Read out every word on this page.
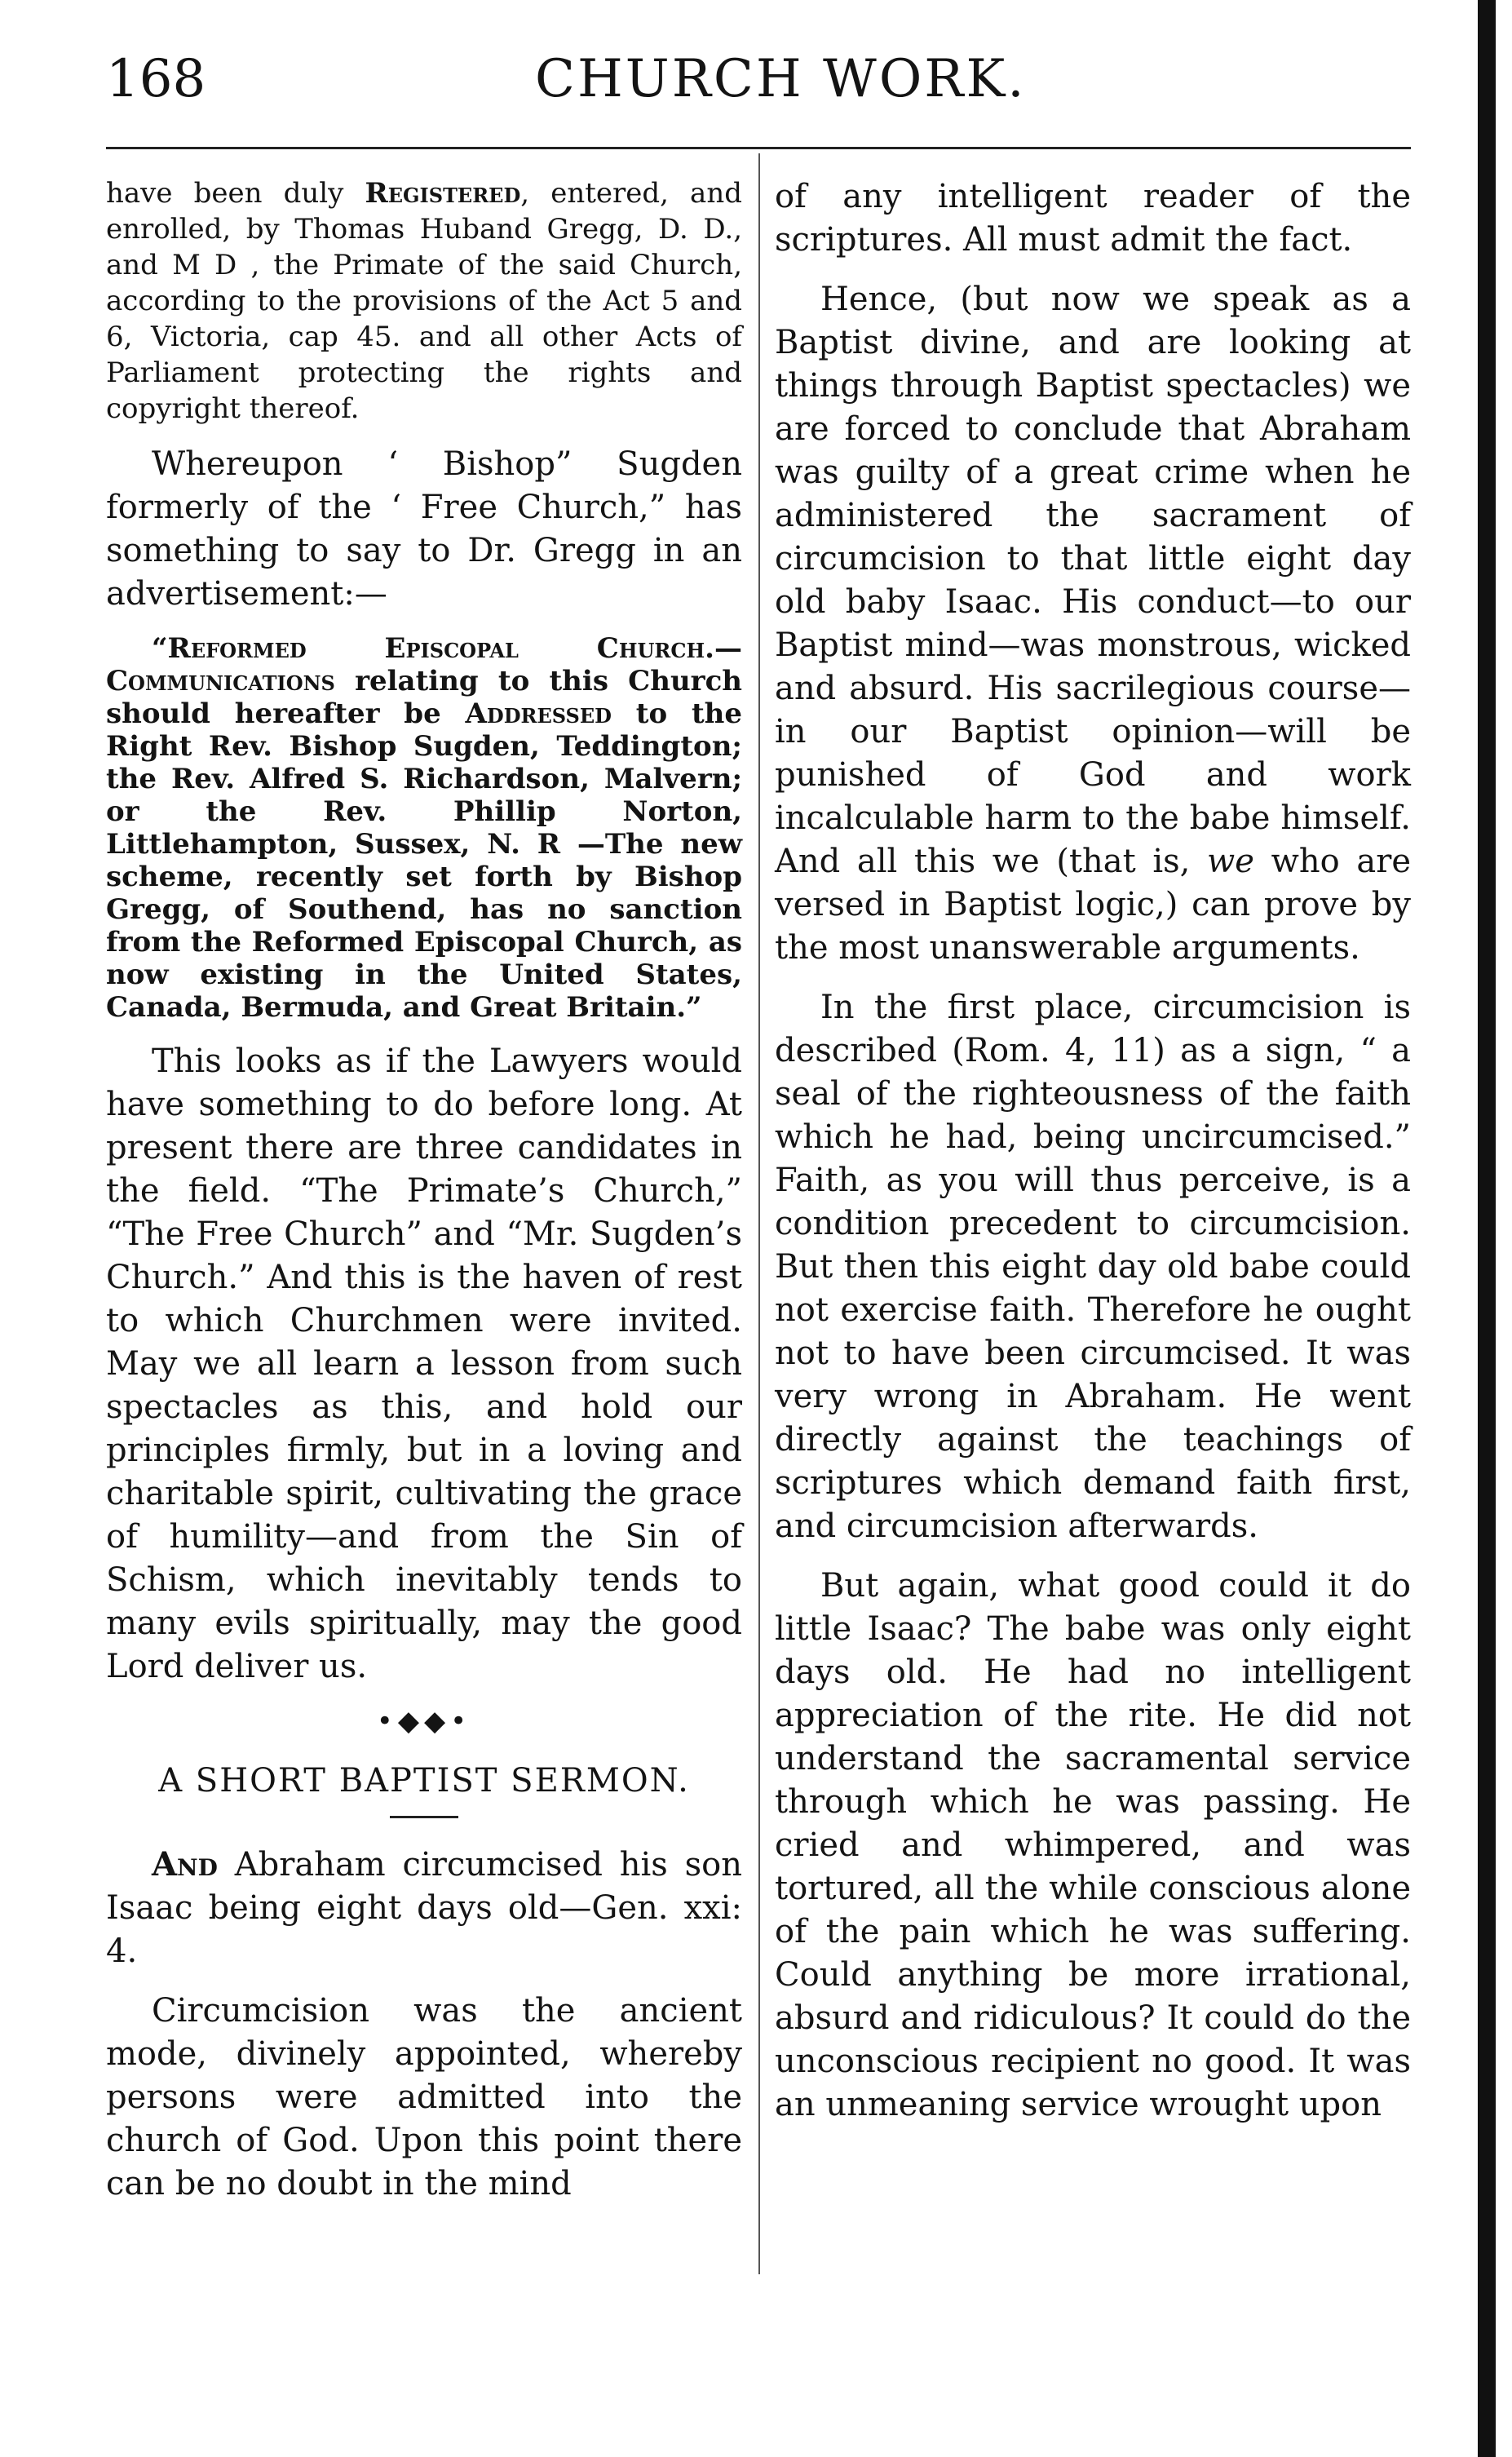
168	CHURCH WORK.

have been duly Registered, entered, and enrolled, by Thomas Huband Gregg, D. D., and M D , the Primate of the said Church, according to the provisions of the Act 5 and 6, Victoria, cap 45. and all other Acts of Parliament protecting the rights and copyright thereof.

Whereupon ‘ Bishop” Sugden formerly of the ‘ Free Church,” has something to say to Dr. Gregg in an advertisement:—

“Reformed Episcopal Church.—Communications relating to this Church should hereafter be Addressed to the Right Rev. Bishop Sugden, Teddington; the Rev. Alfred S. Richardson, Malvern; or the Rev. Phillip Norton, Littlehampton, Sussex, N. R —The new scheme, recently set forth by Bishop Gregg, of Southend, has no sanction from the Reformed Episcopal Church, as now existing in the United States, Canada, Bermuda, and Great Britain.”

This looks as if the Lawyers would have something to do before long. At present there are three candidates in the field. “The Primate’s Church,” “The Free Church” and “Mr. Sugden’s Church.” And this is the haven of rest to which Churchmen were invited. May we all learn a lesson from such spectacles as this, and hold our principles firmly, but in a loving and charitable spirit, cultivating the grace of humility—and from the Sin of Schism, which inevitably tends to many evils spiritually, may the good Lord deliver us.

•◆◆•
A SHORT BAPTIST SERMON.

And Abraham circumcised his son Isaac being eight days old—Gen. xxi: 4.

Circumcision was the ancient mode, divinely appointed, whereby persons were admitted into the church of God. Upon this point there can be no doubt in the mind

of any intelligent reader of the scriptures. All must admit the fact.

Hence, (but now we speak as a Baptist divine, and are looking at things through Baptist spectacles) we are forced to conclude that Abraham was guilty of a great crime when he administered the sacrament of circumcision to that little eight day old baby Isaac. His conduct—to our Baptist mind—was monstrous, wicked and absurd. His sacrilegious course—in our Baptist opinion—will be punished of God and work incalculable harm to the babe himself. And all this we (that is, we who are versed in Baptist logic,) can prove by the most unanswerable arguments.

In the first place, circumcision is described (Rom. 4, 11) as a sign, “ a seal of the righteousness of the faith which he had, being uncircumcised.” Faith, as you will thus perceive, is a condition precedent to circumcision. But then this eight day old babe could not exercise faith. Therefore he ought not to have been circumcised. It was very wrong in Abraham. He went directly against the teachings of scriptures which demand faith first, and circumcision afterwards.

But again, what good could it do little Isaac? The babe was only eight days old. He had no intelligent appreciation of the rite. He did not understand the sacramental service through which he was passing. He cried and whimpered, and was tortured, all the while conscious alone of the pain which he was suffering. Could anything be more irrational, absurd and ridiculous? It could do the unconscious recipient no good. It was an unmeaning service wrought upon
